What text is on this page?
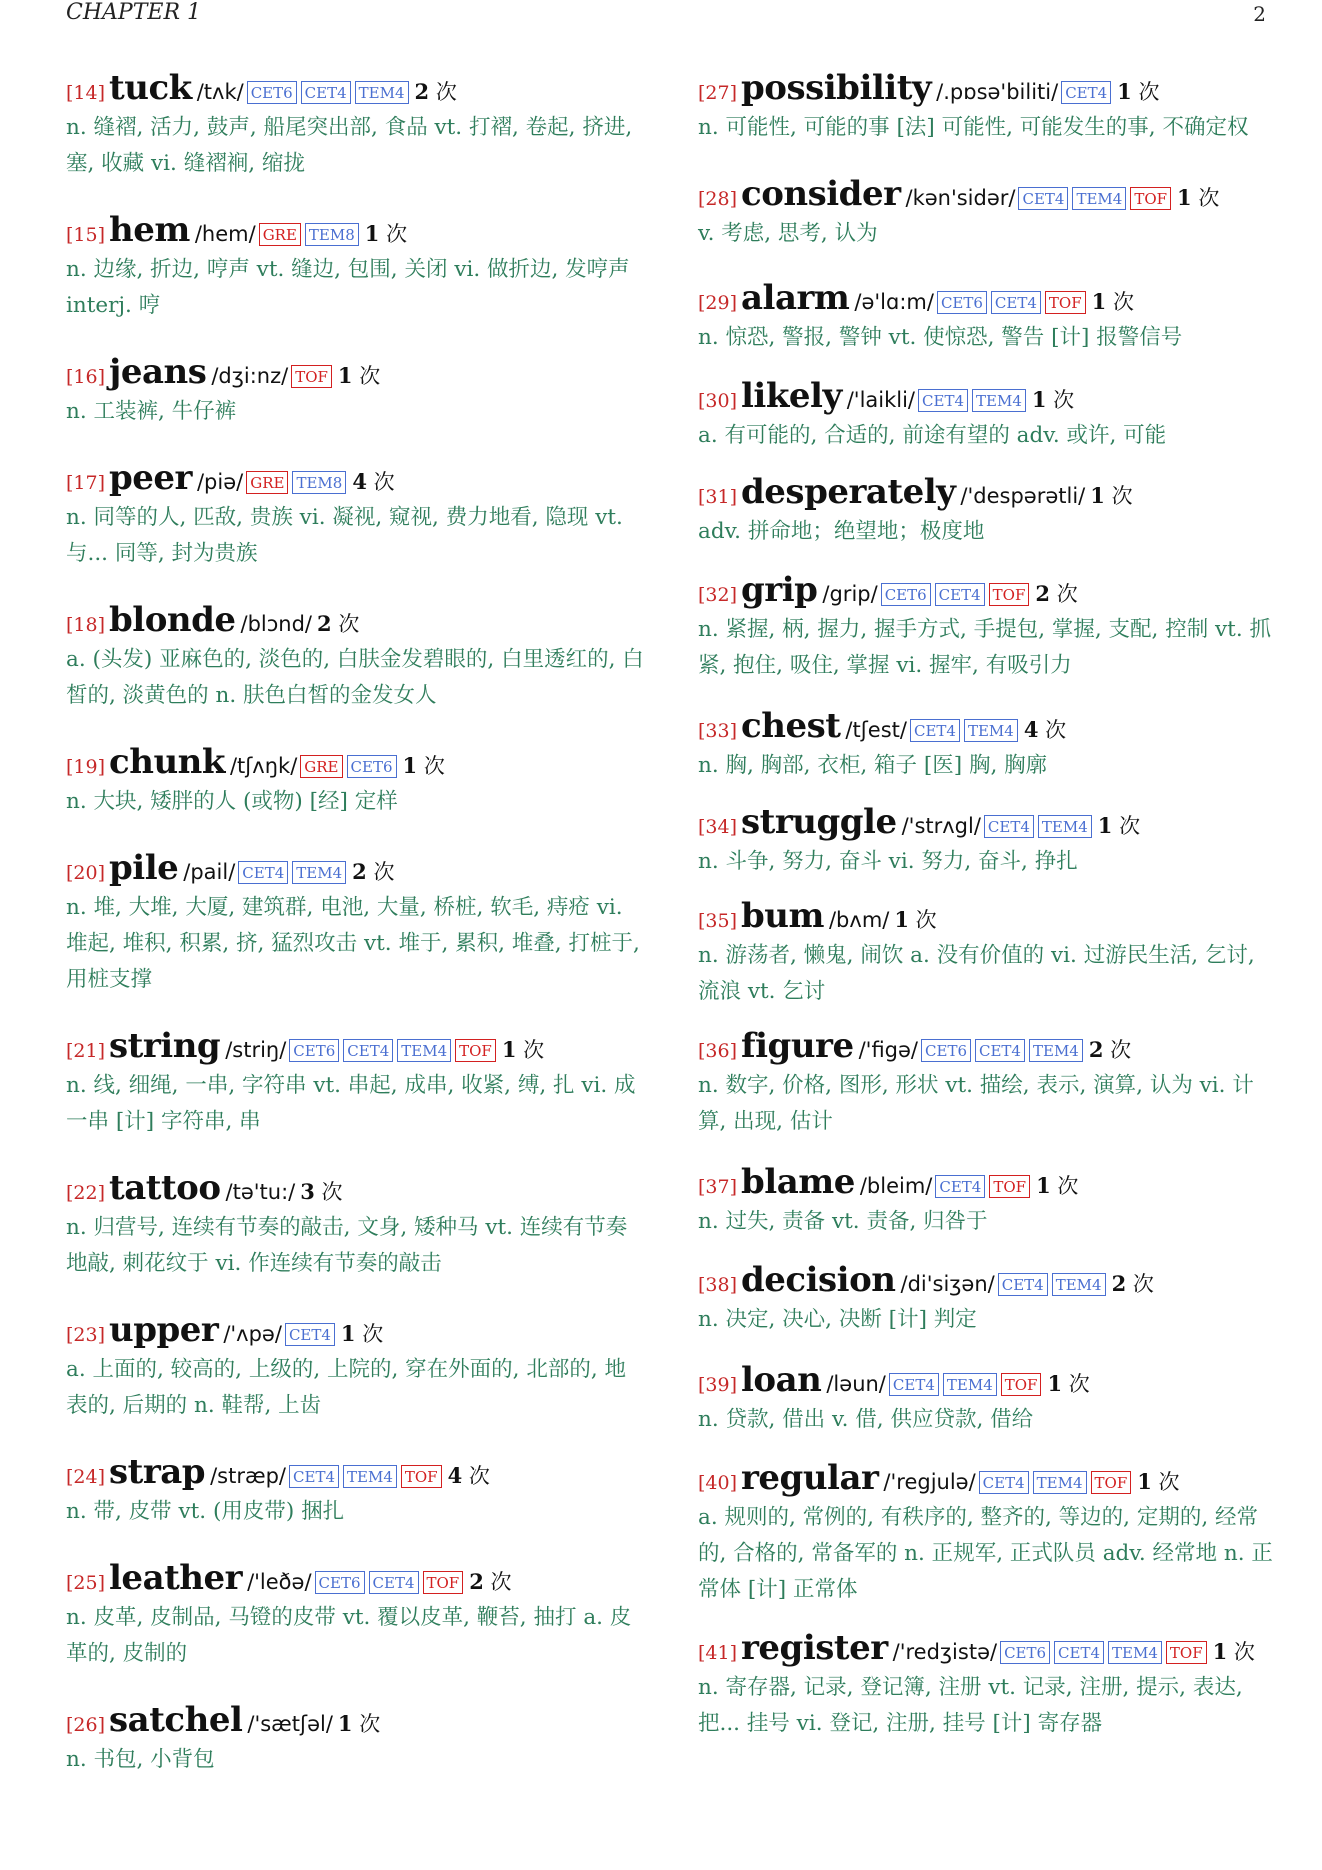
CHAPTER 1	2
[14] tuck /tʌk/ CET6 CET4 TEM4 2 次
n. 缝褶, 活力, 鼓声, 船尾突出部, 食品 vt. 打褶, 卷起, 挤进, 塞, 收藏 vi. 缝褶裥, 缩拢
[15] hem /hem/ GRE TEM8 1 次
n. 边缘, 折边, 哼声 vt. 缝边, 包围, 关闭 vi. 做折边, 发哼声 interj. 哼
[16] jeans /dʒi:nz/ TOF 1 次
n. 工装裤, 牛仔裤
[17] peer /piə/ GRE TEM8 4 次
n. 同等的人, 匹敌, 贵族 vi. 凝视, 窥视, 费力地看, 隐现 vt. 与... 同等, 封为贵族
[18] blonde /blɔnd/ 2 次
a. (头发) 亚麻色的, 淡色的, 白肤金发碧眼的, 白里透红的, 白皙的, 淡黄色的 n. 肤色白皙的金发女人
[19] chunk /tʃʌŋk/ GRE CET6 1 次
n. 大块, 矮胖的人 (或物) [经] 定样
[20] pile /pail/ CET4 TEM4 2 次
n. 堆, 大堆, 大厦, 建筑群, 电池, 大量, 桥桩, 软毛, 痔疮 vi. 堆起, 堆积, 积累, 挤, 猛烈攻击 vt. 堆于, 累积, 堆叠, 打桩于, 用桩支撑
[21] string /striŋ/ CET6 CET4 TEM4 TOF 1 次
n. 线, 细绳, 一串, 字符串 vt. 串起, 成串, 收紧, 缚, 扎 vi. 成一串 [计] 字符串, 串
[22] tattoo /tə'tu:/ 3 次
n. 归营号, 连续有节奏的敲击, 文身, 矮种马 vt. 连续有节奏地敲, 刺花纹于 vi. 作连续有节奏的敲击
[23] upper /'ʌpə/ CET4 1 次
a. 上面的, 较高的, 上级的, 上院的, 穿在外面的, 北部的, 地表的, 后期的 n. 鞋帮, 上齿
[24] strap /stræp/ CET4 TEM4 TOF 4 次
n. 带, 皮带 vt. (用皮带) 捆扎
[25] leather /'leðə/ CET6 CET4 TOF 2 次
n. 皮革, 皮制品, 马镫的皮带 vt. 覆以皮革, 鞭苔, 抽打 a. 皮革的, 皮制的
[26] satchel /'sætʃəl/ 1 次
n. 书包, 小背包
[27] possibility /.pɒsə'biliti/ CET4 1 次
n. 可能性, 可能的事 [法] 可能性, 可能发生的事, 不确定权
[28] consider /kən'sidər/ CET4 TEM4 TOF 1 次
v. 考虑, 思考, 认为
[29] alarm /ə'lɑ:m/ CET6 CET4 TOF 1 次
n. 惊恐, 警报, 警钟 vt. 使惊恐, 警告 [计] 报警信号
[30] likely /'laikli/ CET4 TEM4 1 次
a. 有可能的, 合适的, 前途有望的 adv. 或许, 可能
[31] desperately /'despərətli/ 1 次
adv. 拼命地；绝望地；极度地
[32] grip /grip/ CET6 CET4 TOF 2 次
n. 紧握, 柄, 握力, 握手方式, 手提包, 掌握, 支配, 控制 vt. 抓紧, 抱住, 吸住, 掌握 vi. 握牢, 有吸引力
[33] chest /tʃest/ CET4 TEM4 4 次
n. 胸, 胸部, 衣柜, 箱子 [医] 胸, 胸廓
[34] struggle /'strʌgl/ CET4 TEM4 1 次
n. 斗争, 努力, 奋斗 vi. 努力, 奋斗, 挣扎
[35] bum /bʌm/ 1 次
n. 游荡者, 懒鬼, 闹饮 a. 没有价值的 vi. 过游民生活, 乞讨, 流浪 vt. 乞讨
[36] figure /'figə/ CET6 CET4 TEM4 2 次
n. 数字, 价格, 图形, 形状 vt. 描绘, 表示, 演算, 认为 vi. 计算, 出现, 估计
[37] blame /bleim/ CET4 TOF 1 次
n. 过失, 责备 vt. 责备, 归咎于
[38] decision /di'siʒən/ CET4 TEM4 2 次
n. 决定, 决心, 决断 [计] 判定
[39] loan /ləun/ CET4 TEM4 TOF 1 次
n. 贷款, 借出 v. 借, 供应贷款, 借给
[40] regular /'regjulə/ CET4 TEM4 TOF 1 次
a. 规则的, 常例的, 有秩序的, 整齐的, 等边的, 定期的, 经常的, 合格的, 常备军的 n. 正规军, 正式队员 adv. 经常地 n. 正常体 [计] 正常体
[41] register /'redʒistə/ CET6 CET4 TEM4 TOF 1 次
n. 寄存器, 记录, 登记簿, 注册 vt. 记录, 注册, 提示, 表达, 把... 挂号 vi. 登记, 注册, 挂号 [计] 寄存器
